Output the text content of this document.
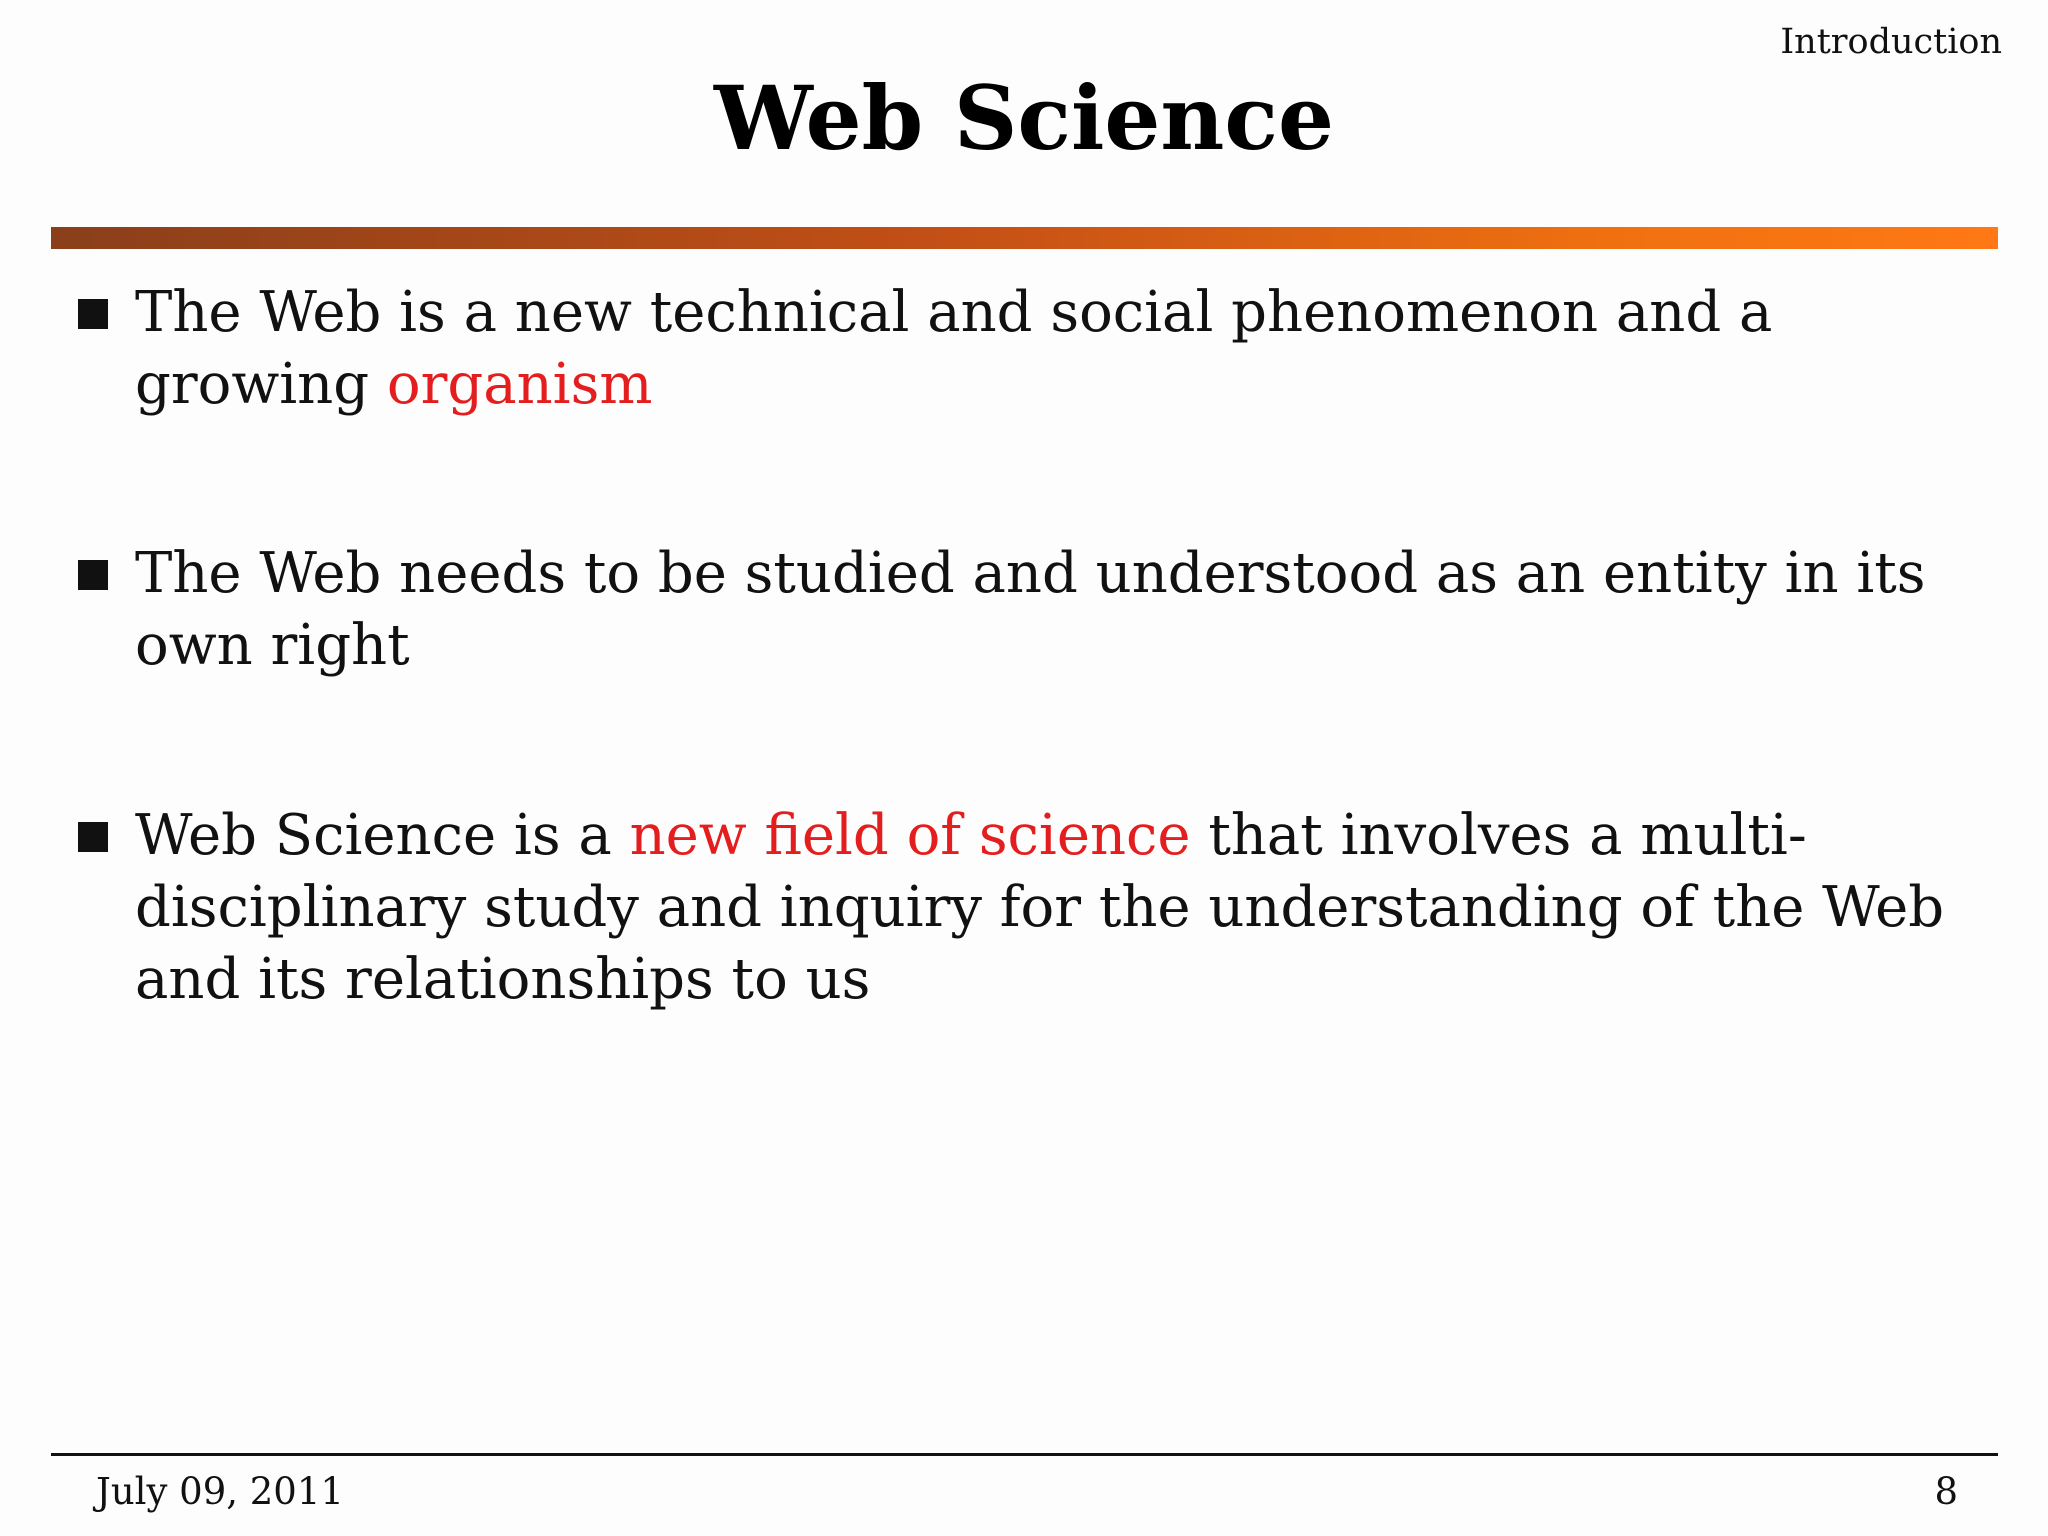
Introduction
Web Science
The Web is a new technical and social phenomenon and a growing organism
The Web needs to be studied and understood as an entity in its own right
Web Science is a new field of science that involves a multi-disciplinary study and inquiry for the understanding of the Web and its relationships to us
July 09, 2011	8
